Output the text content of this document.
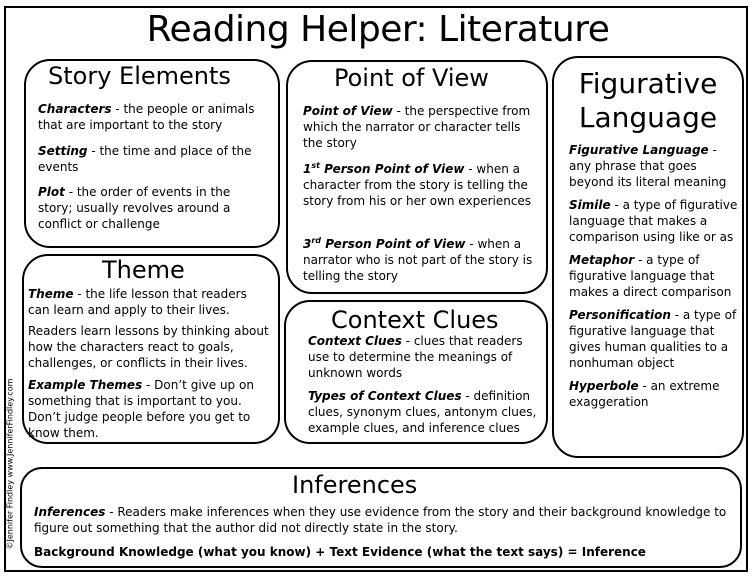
Reading Helper: Literature
©Jennifer Findley www.JenniferFindley.com
Story Elements
Characters - the people or animals that are important to the story
Setting - the time and place of the events
Plot - the order of events in the story; usually revolves around a conflict or challenge
Theme
Theme - the life lesson that readers can learn and apply to their lives.
Readers learn lessons by thinking about how the characters react to goals, challenges, or conflicts in their lives.
Example Themes - Don’t give up on something that is important to you. Don’t judge people before you get to know them.
Point of View
Point of View - the perspective from which the narrator or character tells the story
1st Person Point of View - when a character from the story is telling the story from his or her own experiences
3rd Person Point of View - when a narrator who is not part of the story is telling the story
Context Clues
Context Clues - clues that readers use to determine the meanings of unknown words
Types of Context Clues - definition clues, synonym clues, antonym clues, example clues, and inference clues
Figurative
Language
Figurative Language - any phrase that goes beyond its literal meaning
Simile - a type of figurative language that makes a comparison using like or as
Metaphor - a type of figurative language that makes a direct comparison
Personification - a type of figurative language that gives human qualities to a nonhuman object
Hyperbole - an extreme exaggeration
Inferences
Inferences - Readers make inferences when they use evidence from the story and their background knowledge to figure out something that the author did not directly state in the story.
Background Knowledge (what you know) + Text Evidence (what the text says) = Inference
